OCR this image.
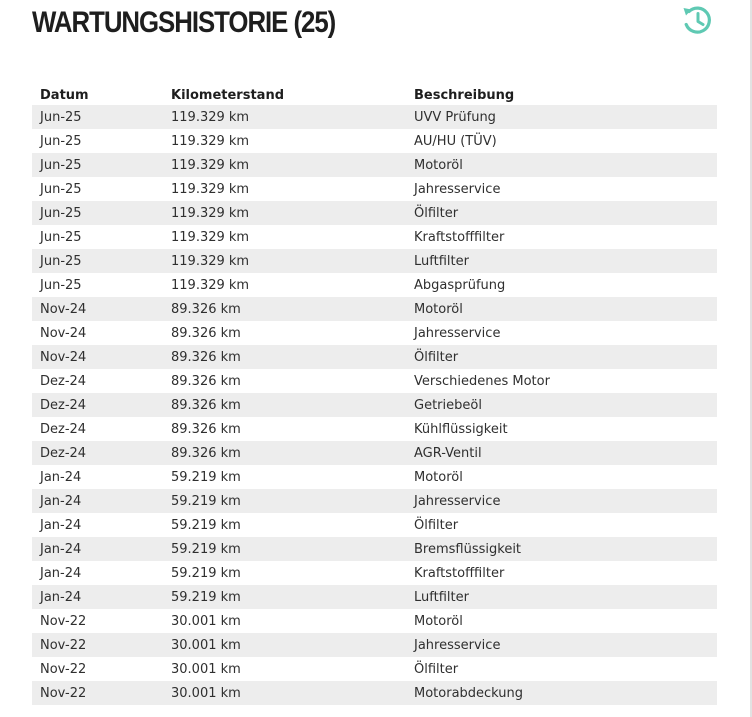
WARTUNGSHISTORIE (25)
Datum	Kilometerstand	Beschreibung
Jun-25	119.329 km	UVV Prüfung
Jun-25	119.329 km	AU/HU (TÜV)
Jun-25	119.329 km	Motoröl
Jun-25	119.329 km	Jahresservice
Jun-25	119.329 km	Ölfilter
Jun-25	119.329 km	Kraftstofffilter
Jun-25	119.329 km	Luftfilter
Jun-25	119.329 km	Abgasprüfung
Nov-24	89.326 km	Motoröl
Nov-24	89.326 km	Jahresservice
Nov-24	89.326 km	Ölfilter
Dez-24	89.326 km	Verschiedenes Motor
Dez-24	89.326 km	Getriebeöl
Dez-24	89.326 km	Kühlflüssigkeit
Dez-24	89.326 km	AGR-Ventil
Jan-24	59.219 km	Motoröl
Jan-24	59.219 km	Jahresservice
Jan-24	59.219 km	Ölfilter
Jan-24	59.219 km	Bremsflüssigkeit
Jan-24	59.219 km	Kraftstofffilter
Jan-24	59.219 km	Luftfilter
Nov-22	30.001 km	Motoröl
Nov-22	30.001 km	Jahresservice
Nov-22	30.001 km	Ölfilter
Nov-22	30.001 km	Motorabdeckung
